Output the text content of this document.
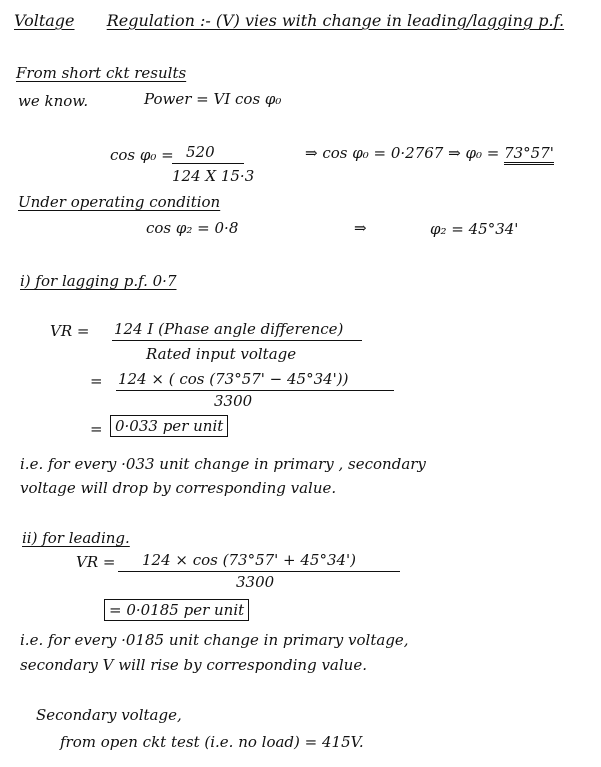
Voltage Regulation :- (V) vies with change in leading/lagging p.f.
From short ckt results
we know.	Power = VI cos φ₀
cos φ₀ = 520
124 X 15·3
⇒ cos φ₀ = 0·2767 ⇒ φ₀ = 73°57'
Under operating condition
cos φ₂ = 0·8	⇒	φ₂ = 45°34'
i) for lagging p.f. 0·7
VR = 124 I (Phase angle difference)
Rated input voltage
= 124 × ( cos (73°57' − 45°34'))
3300
= 0·033 per unit
i.e. for every ·033 unit change in primary , secondary
voltage will drop by corresponding value.
ii) for leading.
VR = 124 × cos (73°57' + 45°34')
3300
= 0·0185 per unit
i.e. for every ·0185 unit change in primary voltage,
secondary V will rise by corresponding value.
Secondary voltage,
from open ckt test (i.e. no load) = 415V.
